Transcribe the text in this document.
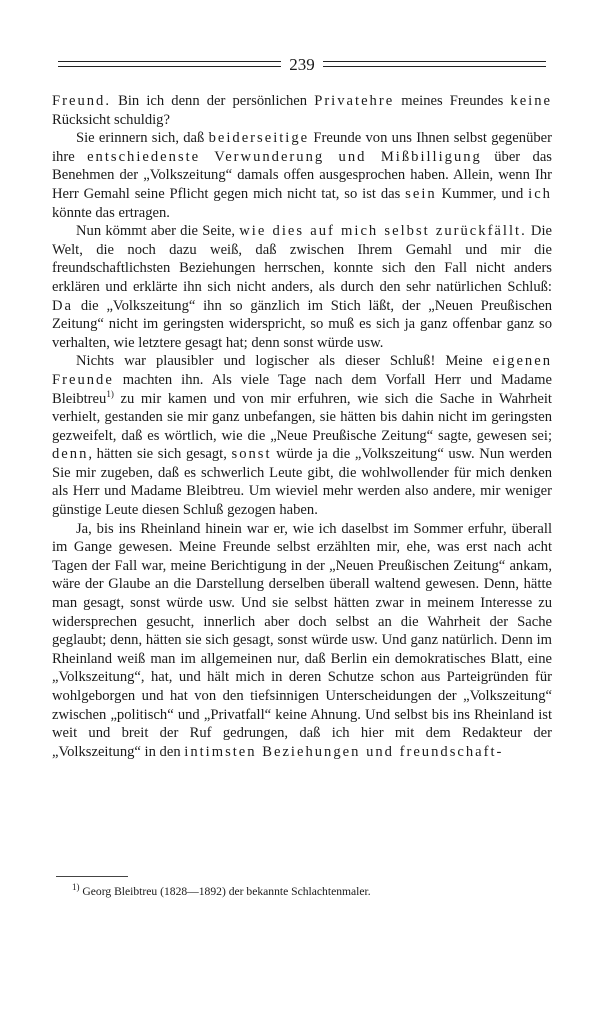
239

Freund. Bin ich denn der persönlichen Privatehre meines Freundes keine Rücksicht schuldig?

Sie erinnern sich, daß beiderseitige Freunde von uns Ihnen selbst gegenüber ihre entschiedenste Verwunderung und Mißbilligung über das Benehmen der „Volkszeitung“ damals offen ausgesprochen haben. Allein, wenn Ihr Herr Gemahl seine Pflicht gegen mich nicht tat, so ist das sein Kummer, und ich könnte das ertragen.

Nun kömmt aber die Seite, wie dies auf mich selbst zurückfällt. Die Welt, die noch dazu weiß, daß zwischen Ihrem Gemahl und mir die freundschaftlichsten Beziehungen herrschen, konnte sich den Fall nicht anders erklären und erklärte ihn sich nicht anders, als durch den sehr natürlichen Schluß: Da die „Volkszeitung“ ihn so gänzlich im Stich läßt, der „Neuen Preußischen Zeitung“ nicht im geringsten widerspricht, so muß es sich ja ganz offenbar ganz so verhalten, wie letztere gesagt hat; denn sonst würde usw.

Nichts war plausibler und logischer als dieser Schluß! Meine eigenen Freunde machten ihn. Als viele Tage nach dem Vorfall Herr und Madame Bleibtreu$^{1)}$ zu mir kamen und von mir erfuhren, wie sich die Sache in Wahrheit verhielt, gestanden sie mir ganz unbefangen, sie hätten bis dahin nicht im geringsten gezweifelt, daß es wörtlich, wie die „Neue Preußische Zeitung“ sagte, gewesen sei; denn, hätten sie sich gesagt, sonst würde ja die „Volkszeitung“ usw. Nun werden Sie mir zugeben, daß es schwerlich Leute gibt, die wohlwollender für mich denken als Herr und Madame Bleibtreu. Um wieviel mehr werden also andere, mir weniger günstige Leute diesen Schluß gezogen haben.

Ja, bis ins Rheinland hinein war er, wie ich daselbst im Sommer erfuhr, überall im Gange gewesen. Meine Freunde selbst erzählten mir, ehe, was erst nach acht Tagen der Fall war, meine Berichtigung in der „Neuen Preußischen Zeitung“ ankam, wäre der Glaube an die Darstellung derselben überall waltend gewesen. Denn, hätte man gesagt, sonst würde usw. Und sie selbst hätten zwar in meinem Interesse zu widersprechen gesucht, innerlich aber doch selbst an die Wahrheit der Sache geglaubt; denn, hätten sie sich gesagt, sonst würde usw. Und ganz natürlich. Denn im Rheinland weiß man im allgemeinen nur, daß Berlin ein demokratisches Blatt, eine „Volkszeitung“, hat, und hält mich in deren Schutze schon aus Parteigründen für wohlgeborgen und hat von den tiefsinnigen Unterscheidungen der „Volkszeitung“ zwischen „politisch“ und „Privatfall“ keine Ahnung. Und selbst bis ins Rheinland ist weit und breit der Ruf gedrungen, daß ich hier mit dem Redakteur der „Volkszeitung“ in den intimsten Beziehungen und freundschaft-

$^{1)}$ Georg Bleibtreu (1828—1892) der bekannte Schlachtenmaler.
